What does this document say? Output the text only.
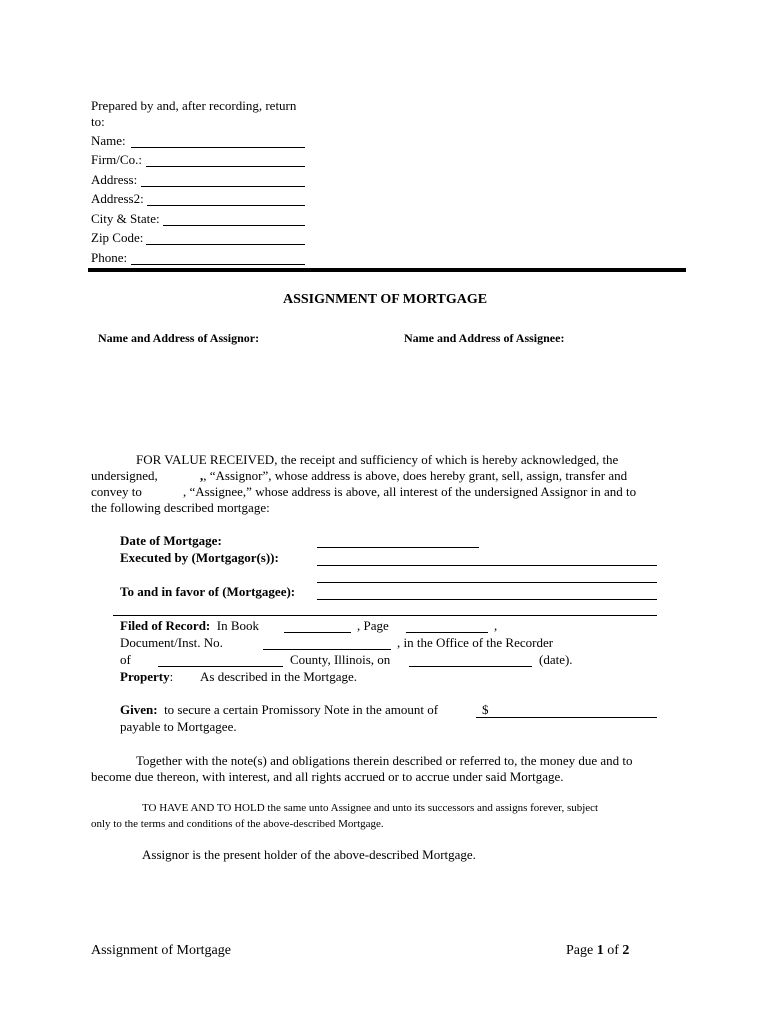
Prepared by and, after recording, return
to:
Name:
Firm/Co.:
Address:
Address2:
City & State:
Zip Code:
Phone:
ASSIGNMENT OF MORTGAGE
Name and Address of Assignor:	Name and Address of Assignee:
FOR VALUE RECEIVED, the receipt and sufficiency of which is hereby acknowledged, the
undersigned,	,, “Assignor”, whose address is above, does hereby grant, sell, assign, transfer and
convey to	, “Assignee,” whose address is above, all interest of the undersigned Assignor in and to
the following described mortgage:
Date of Mortgage:
Executed by (Mortgagor(s)):
To and in favor of (Mortgagee):
Filed of Record: In Book	, Page	,
Document/Inst. No.	, in the Office of the Recorder
of	County, Illinois, on	(date).
Property: As described in the Mortgage.
Given: to secure a certain Promissory Note in the amount of	$
payable to Mortgagee.
Together with the note(s) and obligations therein described or referred to, the money due and to
become due thereon, with interest, and all rights accrued or to accrue under said Mortgage.
TO HAVE AND TO HOLD the same unto Assignee and unto its successors and assigns forever, subject
only to the terms and conditions of the above-described Mortgage.
Assignor is the present holder of the above-described Mortgage.
Assignment of Mortgage	Page 1 of 2
